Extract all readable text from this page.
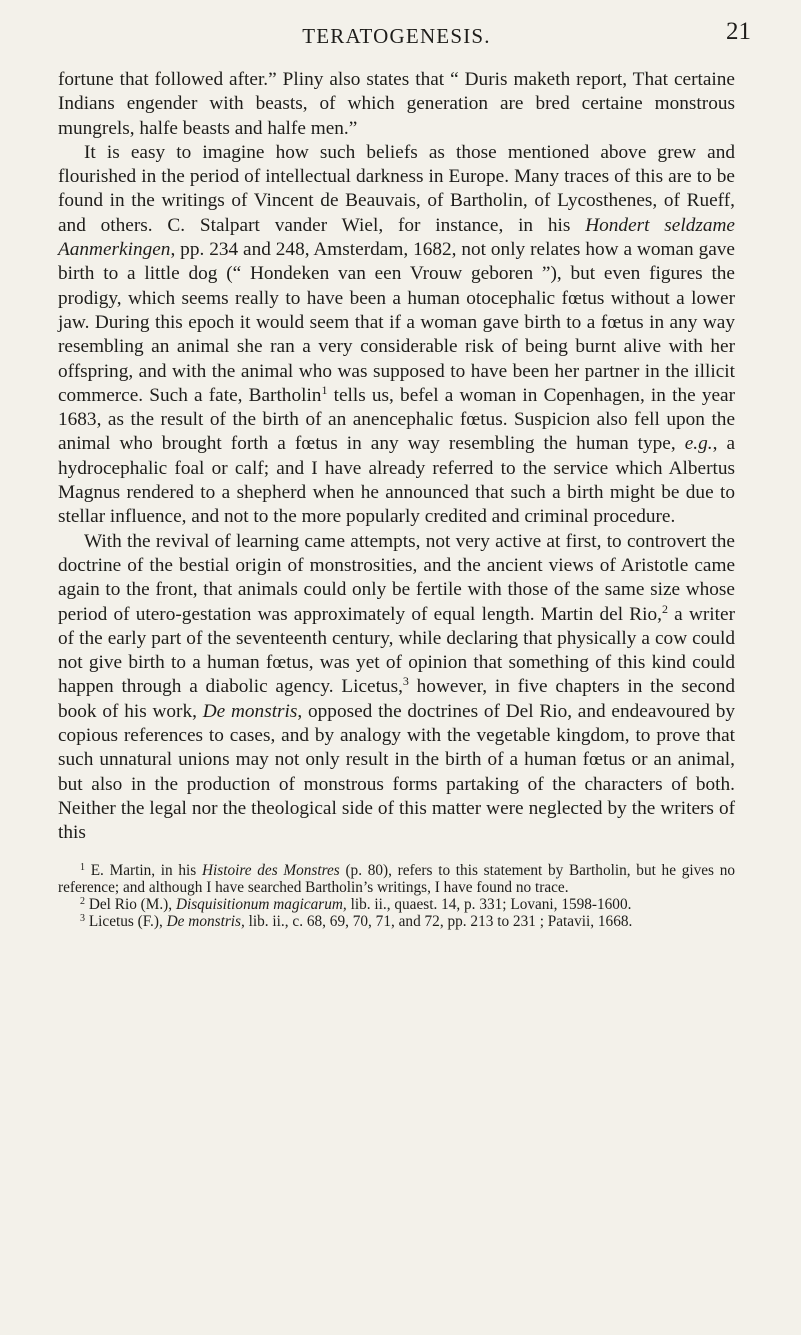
TERATOGENESIS.	21

fortune that followed after.” Pliny also states that “ Duris maketh report, That certaine Indians engender with beasts, of which generation are bred certaine monstrous mungrels, halfe beasts and halfe men.”

It is easy to imagine how such beliefs as those mentioned above grew and flourished in the period of intellectual darkness in Europe. Many traces of this are to be found in the writings of Vincent de Beauvais, of Bartholin, of Lycosthenes, of Rueff, and others. C. Stalpart vander Wiel, for instance, in his Hondert seldzame Aanmerkingen, pp. 234 and 248, Amsterdam, 1682, not only relates how a woman gave birth to a little dog (“ Hondeken van een Vrouw geboren ”), but even figures the prodigy, which seems really to have been a human otocephalic fœtus without a lower jaw. During this epoch it would seem that if a woman gave birth to a fœtus in any way resembling an animal she ran a very considerable risk of being burnt alive with her offspring, and with the animal who was supposed to have been her partner in the illicit commerce. Such a fate, Bartholin$^1$ tells us, befel a woman in Copenhagen, in the year 1683, as the result of the birth of an anencephalic fœtus. Suspicion also fell upon the animal who brought forth a fœtus in any way resembling the human type, e.g., a hydrocephalic foal or calf; and I have already referred to the service which Albertus Magnus rendered to a shepherd when he announced that such a birth might be due to stellar influence, and not to the more popularly credited and criminal procedure.

With the revival of learning came attempts, not very active at first, to controvert the doctrine of the bestial origin of monstrosities, and the ancient views of Aristotle came again to the front, that animals could only be fertile with those of the same size whose period of utero-gestation was approximately of equal length. Martin del Rio,$^2$ a writer of the early part of the seventeenth century, while declaring that physically a cow could not give birth to a human fœtus, was yet of opinion that something of this kind could happen through a diabolic agency. Licetus,$^3$ however, in five chapters in the second book of his work, De monstris, opposed the doctrines of Del Rio, and endeavoured by copious references to cases, and by analogy with the vegetable kingdom, to prove that such unnatural unions may not only result in the birth of a human fœtus or an animal, but also in the production of monstrous forms partaking of the characters of both. Neither the legal nor the theological side of this matter were neglected by the writers of this

$^1$ E. Martin, in his Histoire des Monstres (p. 80), refers to this statement by Bartholin, but he gives no reference; and although I have searched Bartholin’s writings, I have found no trace.

$^2$ Del Rio (M.), Disquisitionum magicarum, lib. ii., quaest. 14, p. 331; Lovani, 1598-1600.

$^3$ Licetus (F.), De monstris, lib. ii., c. 68, 69, 70, 71, and 72, pp. 213 to 231 ; Patavii, 1668.
